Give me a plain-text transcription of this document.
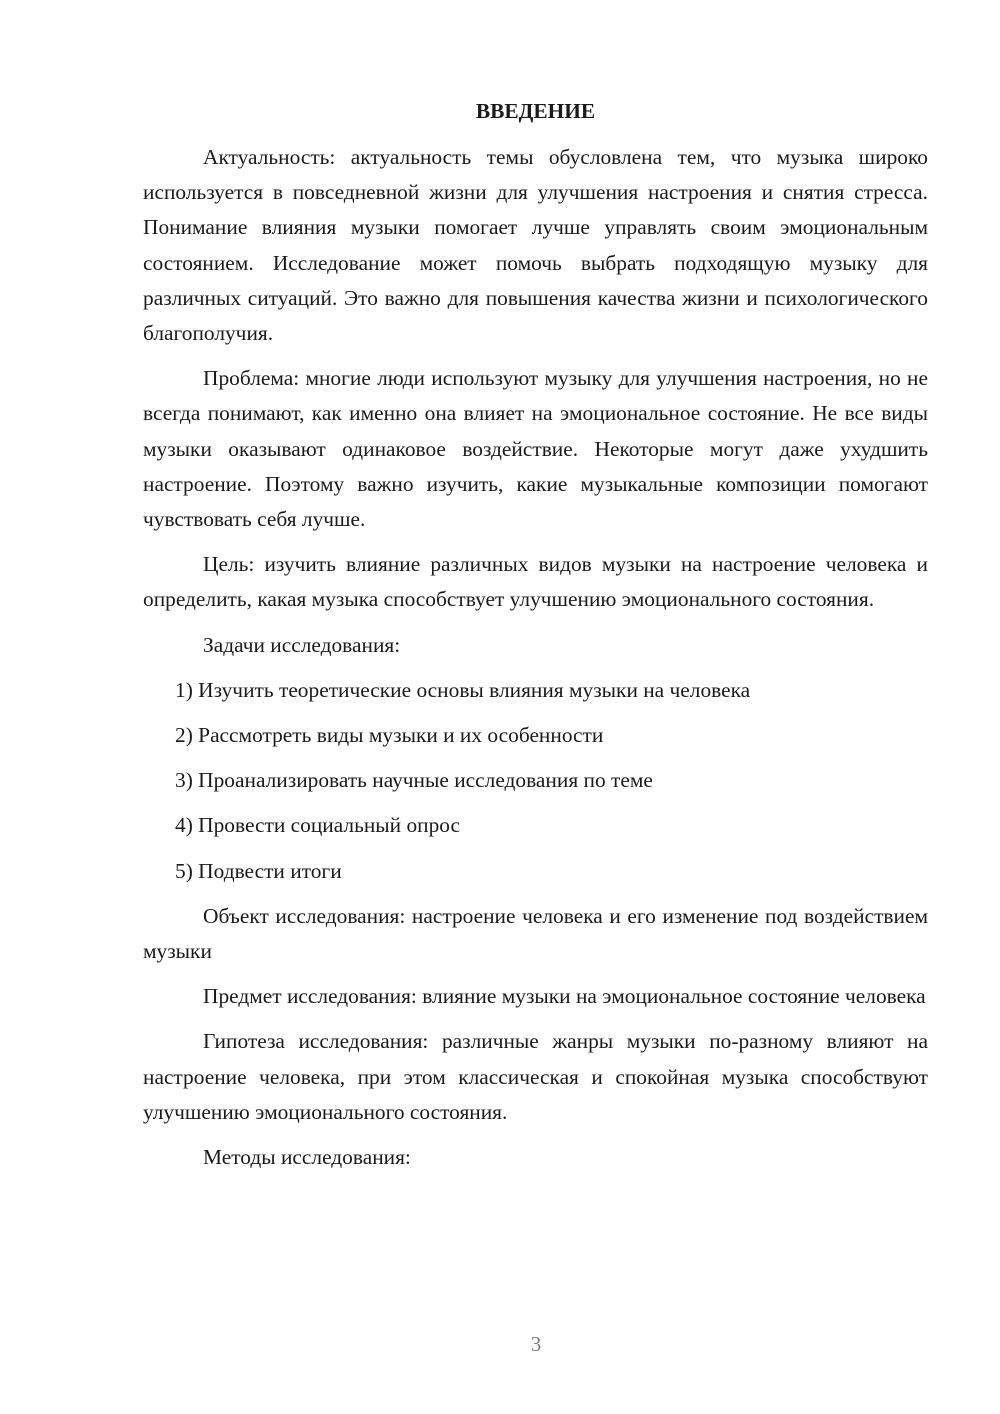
ВВЕДЕНИЕ

Актуальность: актуальность темы обусловлена тем, что музыка широко используется в повседневной жизни для улучшения настроения и снятия стресса. Понимание влияния музыки помогает лучше управлять своим эмоциональным состоянием. Исследование может помочь выбрать подходящую музыку для различных ситуаций. Это важно для повышения качества жизни и психологического благополучия.

Проблема: многие люди используют музыку для улучшения настроения, но не всегда понимают, как именно она влияет на эмоциональное состояние. Не все виды музыки оказывают одинаковое воздействие. Некоторые могут даже ухудшить настроение. Поэтому важно изучить, какие музыкальные композиции помогают чувствовать себя лучше.

Цель: изучить влияние различных видов музыки на настроение человека и определить, какая музыка способствует улучшению эмоционального состояния.

Задачи исследования:

1) Изучить теоретические основы влияния музыки на человека
2) Рассмотреть виды музыки и их особенности
3) Проанализировать научные исследования по теме
4) Провести социальный опрос
5) Подвести итоги

Объект исследования: настроение человека и его изменение под воздействием музыки

Предмет исследования: влияние музыки на эмоциональное состояние человека

Гипотеза исследования: различные жанры музыки по-разному влияют на настроение человека, при этом классическая и спокойная музыка способствуют улучшению эмоционального состояния.

Методы исследования:

3
